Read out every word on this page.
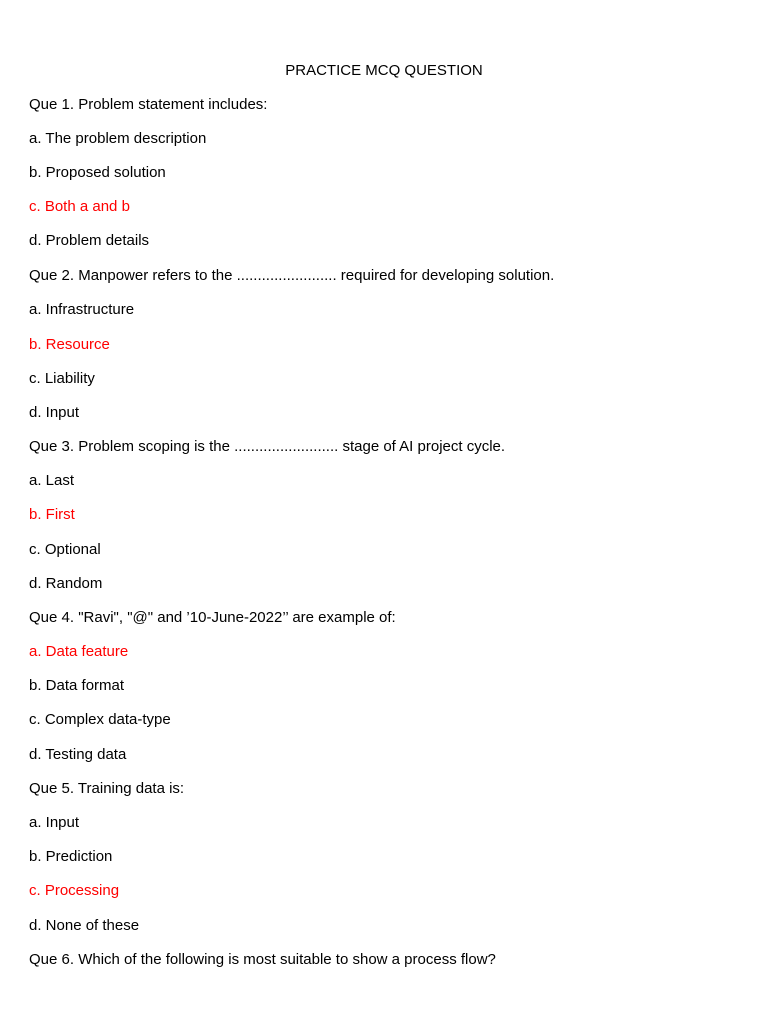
PRACTICE MCQ QUESTION
Que 1. Problem statement includes:
a. The problem description
b. Proposed solution
c. Both a and b
d. Problem details
Que 2. Manpower refers to the ........................ required for developing solution.
a. Infrastructure
b. Resource
c. Liability
d. Input
Que 3. Problem scoping is the ......................... stage of AI project cycle.
a. Last
b. First
c. Optional
d. Random
Que 4. "Ravi", "@" and ’10-June-2022’’ are example of:
a. Data feature
b. Data format
c. Complex data-type
d. Testing data
Que 5. Training data is:
a. Input
b. Prediction
c. Processing
d. None of these
Que 6. Which of the following is most suitable to show a process flow?
